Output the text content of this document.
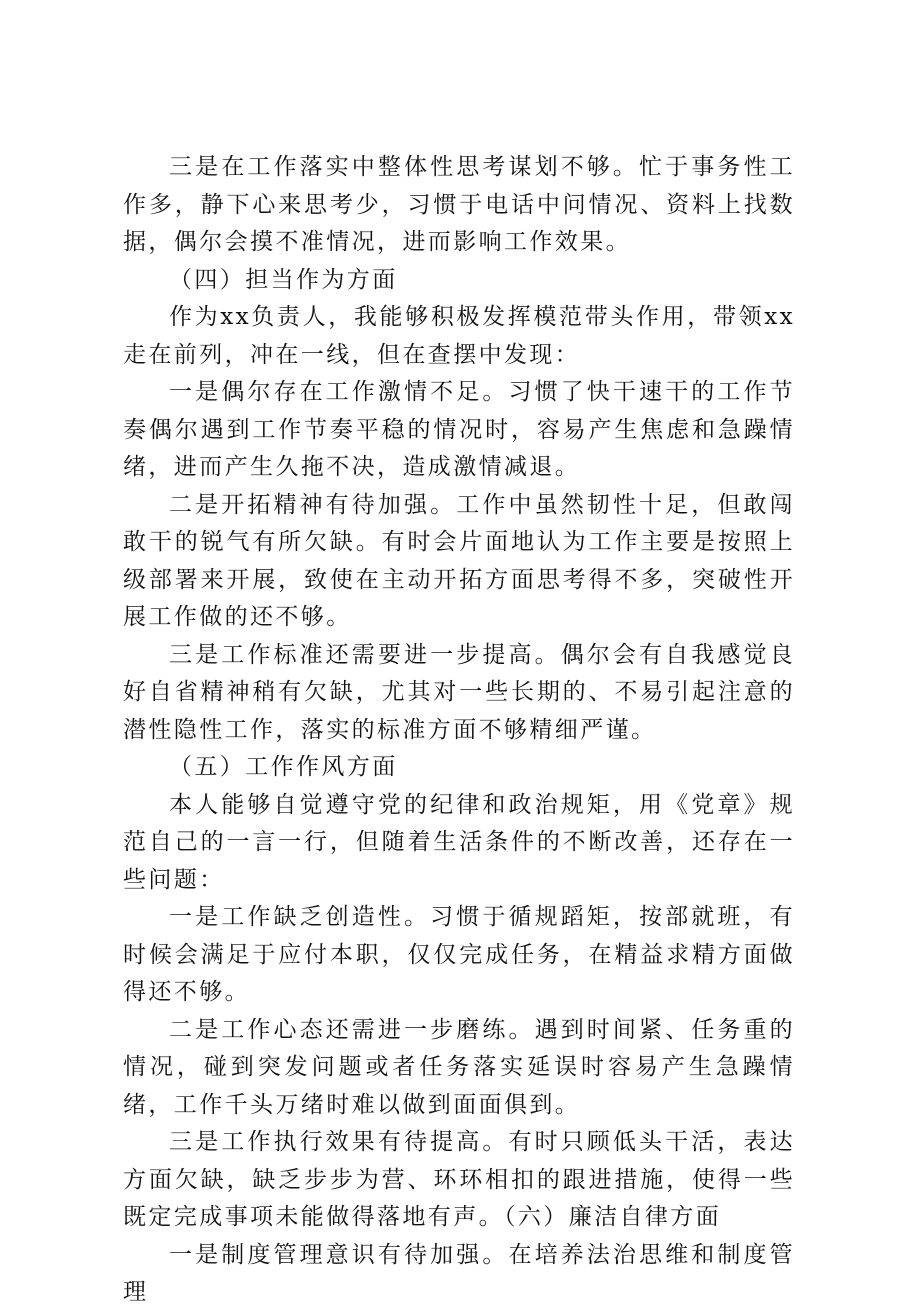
三是在工作落实中整体性思考谋划不够。忙于事务性工作多，静下心来思考少，习惯于电话中问情况、资料上找数据，偶尔会摸不准情况，进而影响工作效果。

（四）担当作为方面

作为xx负责人，我能够积极发挥模范带头作用，带领xx走在前列，冲在一线，但在查摆中发现：

一是偶尔存在工作激情不足。习惯了快干速干的工作节奏偶尔遇到工作节奏平稳的情况时，容易产生焦虑和急躁情绪，进而产生久拖不决，造成激情减退。

二是开拓精神有待加强。工作中虽然韧性十足，但敢闯敢干的锐气有所欠缺。有时会片面地认为工作主要是按照上级部署来开展，致使在主动开拓方面思考得不多，突破性开展工作做的还不够。

三是工作标准还需要进一步提高。偶尔会有自我感觉良好自省精神稍有欠缺，尤其对一些长期的、不易引起注意的潜性隐性工作，落实的标准方面不够精细严谨。

（五）工作作风方面

本人能够自觉遵守党的纪律和政治规矩，用《党章》规范自己的一言一行，但随着生活条件的不断改善，还存在一些问题：

一是工作缺乏创造性。习惯于循规蹈矩，按部就班，有时候会满足于应付本职，仅仅完成任务，在精益求精方面做得还不够。

二是工作心态还需进一步磨练。遇到时间紧、任务重的情况，碰到突发问题或者任务落实延误时容易产生急躁情绪，工作千头万绪时难以做到面面俱到。

三是工作执行效果有待提高。有时只顾低头干活，表达方面欠缺，缺乏步步为营、环环相扣的跟进措施，使得一些既定完成事项未能做得落地有声。（六）廉洁自律方面

一是制度管理意识有待加强。在培养法治思维和制度管理
